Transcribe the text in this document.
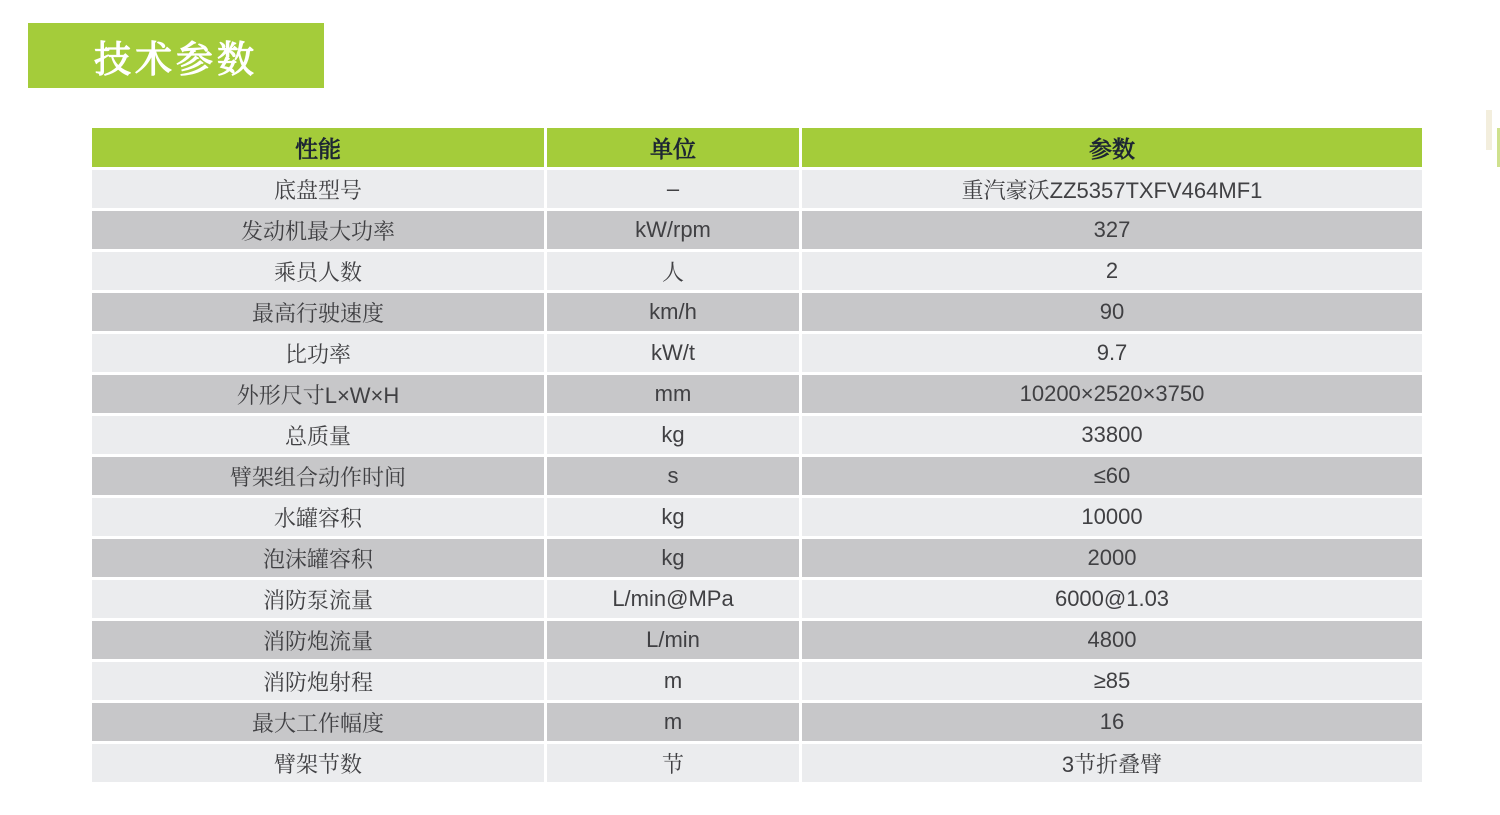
技术参数
性能	单位	参数
底盘型号	–	重汽豪沃ZZ5357TXFV464MF1
发动机最大功率	kW/rpm	327
乘员人数	人	2
最高行驶速度	km/h	90
比功率	kW/t	9.7
外形尺寸L×W×H	mm	10200×2520×3750
总质量	kg	33800
臂架组合动作时间	s	≤60
水罐容积	kg	10000
泡沫罐容积	kg	2000
消防泵流量	L/min@MPa	6000@1.03
消防炮流量	L/min	4800
消防炮射程	m	≥85
最大工作幅度	m	16
臂架节数	节	3节折叠臂
